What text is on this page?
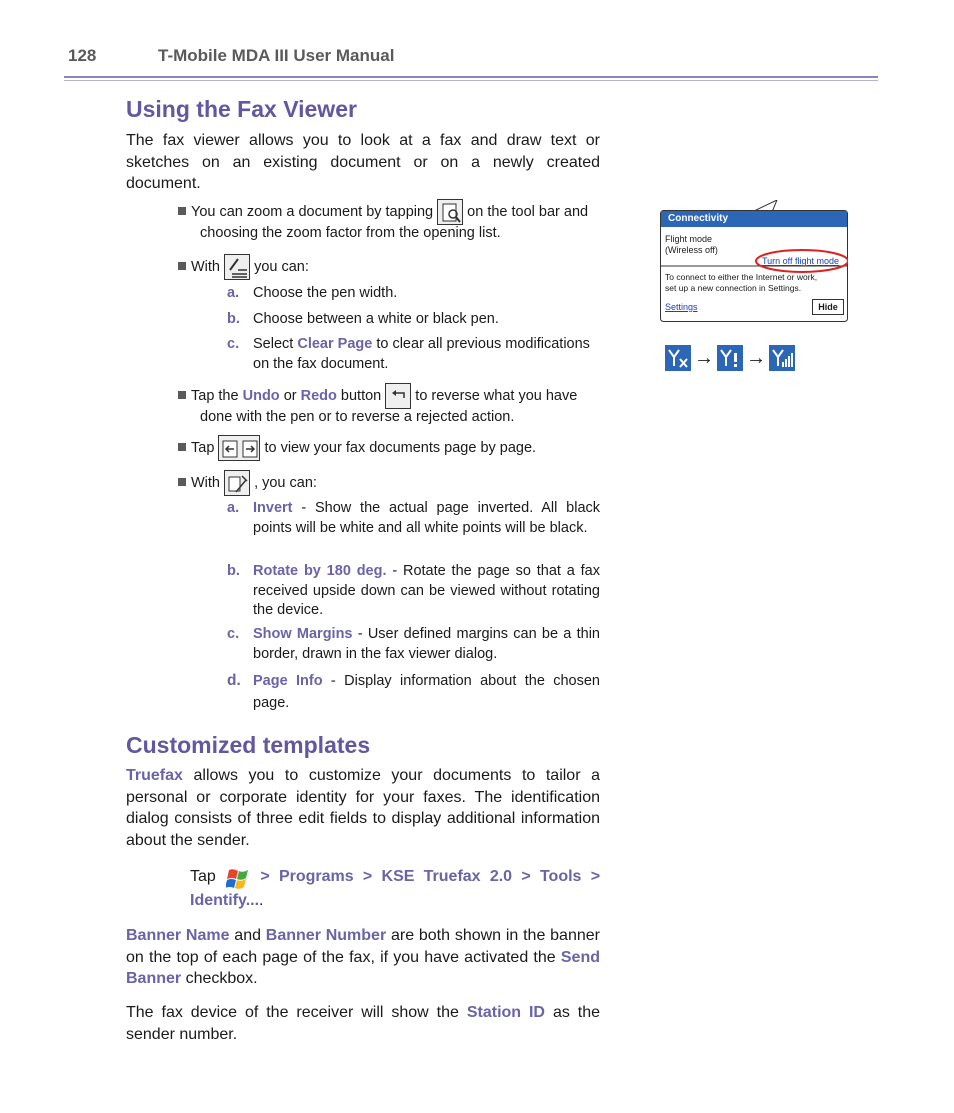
128	T-Mobile MDA III User Manual
Using the Fax Viewer
The fax viewer allows you to look at a fax and draw text or sketches on an existing document or on a newly created document.
You can zoom a document by tapping on the tool bar and
choosing the zoom factor from the opening list.
With you can:
a. Choose the pen width.
b. Choose between a white or black pen.
c. Select Clear Page to clear all previous modifications
on the fax document.
Tap the Undo or Redo button to reverse what you have
done with the pen or to reverse a rejected action.
Tap	to view your fax documents page by page.
With , you can:
a. Invert - Show the actual page inverted. All black points will be white and all white points will be black.
b. Rotate by 180 deg. - Rotate the page so that a fax received upside down can be viewed without rotating the device.
c. Show Margins - User defined margins can be a thin border, drawn in the fax viewer dialog.
d. Page Info - Display information about the chosen page.
Customized templates
Truefax allows you to customize your documents to tailor a personal or corporate identity for your faxes. The identification dialog consists of three edit fields to display additional information about the sender.
Tap	> Programs > KSE Truefax 2.0 > Tools > Identify....
Banner Name and Banner Number are both shown in the banner on the top of each page of the fax, if you have activated the Send Banner checkbox.
The fax device of the receiver will show the Station ID as the sender number.
Connectivity
Flight mode
(Wireless off)
Turn off flight mode
To connect to either the Internet or work,
set up a new connection in Settings.
Settings	Hide
→ →
